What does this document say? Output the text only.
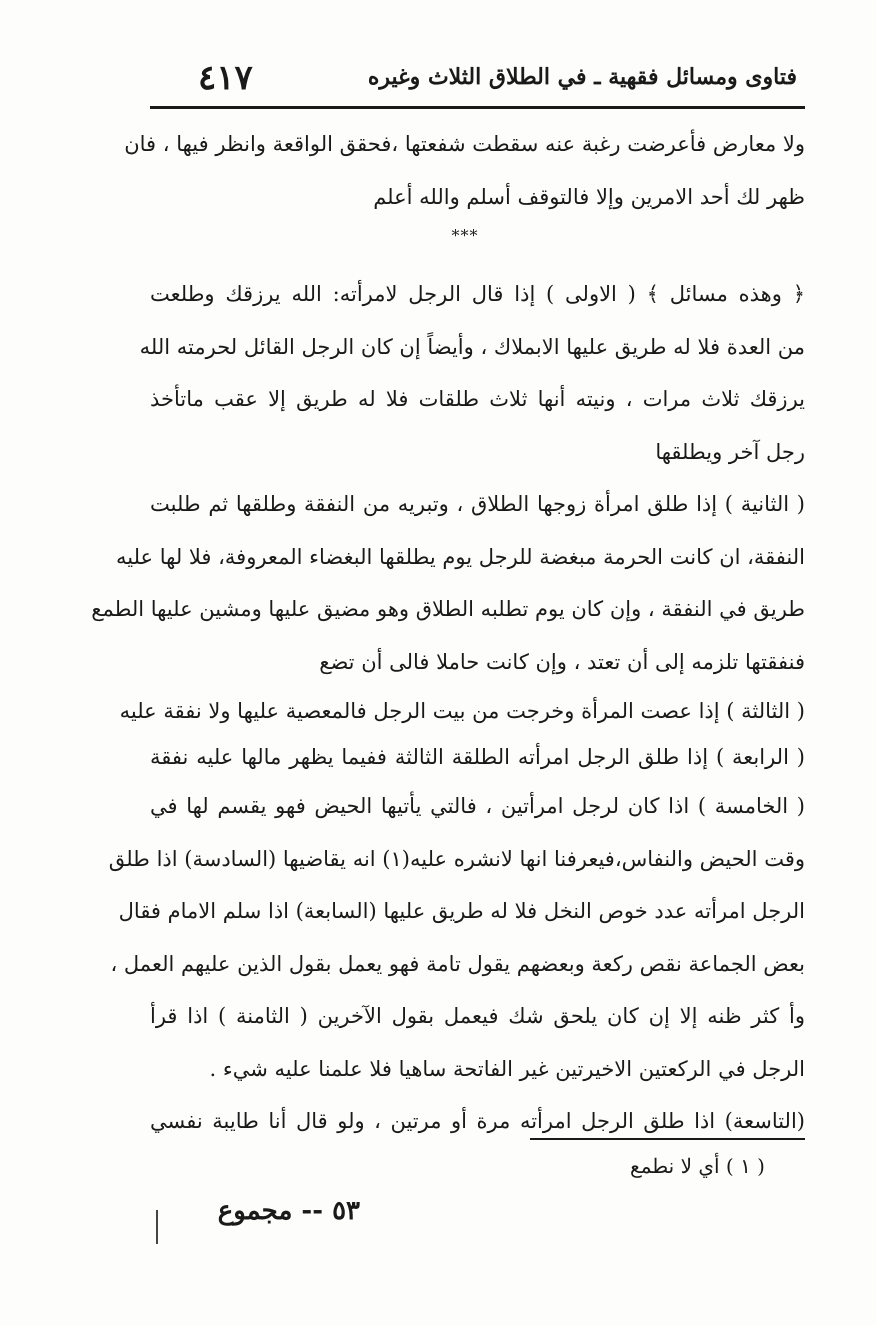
فتاوى ومسائل فقهية ـ في الطلاق الثلاث وغيره
٤١٧
ولا معارض فأعرضت رغبة عنه سقطت شفعتها ،فحقق الواقعة وانظر فيها ، فان
ظهر لك أحد الامرين وإلا فالتوقف أسلم والله أعلم
***
﴿ وهذه مسائل ﴾ ( الاولى ) إذا قال الرجل لامرأته: الله يرزقك وطلعت
من العدة فلا له طريق عليها الابملاك ، وأيضاً إن كان الرجل القائل لحرمته الله
يرزقك ثلاث مرات ، ونيته أنها ثلاث طلقات فلا له طريق إلا عقب ماتأخذ
رجل آخر ويطلقها
( الثانية ) إذا طلق امرأة زوجها الطلاق ، وتبريه من النفقة وطلقها ثم طلبت
النفقة، ان كانت الحرمة مبغضة للرجل يوم يطلقها البغضاء المعروفة، فلا لها عليه
طريق في النفقة ، وإن كان يوم تطلبه الطلاق وهو مضيق عليها ومشين عليها الطمع
فنفقتها تلزمه إلى أن تعتد ، وإن كانت حاملا فالى أن تضع
( الثالثة ) إذا عصت المرأة وخرجت من بيت الرجل فالمعصية عليها ولا نفقة عليه
( الرابعة ) إذا طلق الرجل امرأته الطلقة الثالثة ففيما يظهر مالها عليه نفقة
( الخامسة ) اذا كان لرجل امرأتين ، فالتي يأتيها الحيض فهو يقسم لها في
وقت الحيض والنفاس،فيعرفنا انها لانشره عليه(١) انه يقاضيها (السادسة) اذا طلق
الرجل امرأته عدد خوص النخل فلا له طريق عليها (السابعة) اذا سلم الامام فقال
بعض الجماعة نقص ركعة وبعضهم يقول تامة فهو يعمل بقول الذين عليهم العمل ،
وأ كثر ظنه إلا إن كان يلحق شك فيعمل بقول الآخرين ( الثامنة ) اذا قرأ
الرجل في الركعتين الاخيرتين غير الفاتحة ساهيا فلا علمنا عليه شيء .
(التاسعة) اذا طلق الرجل امرأته مرة أو مرتين ، ولو قال أنا طايبة نفسي
( ١ ) أي لا نطمع
٥٣ -- مجموع
